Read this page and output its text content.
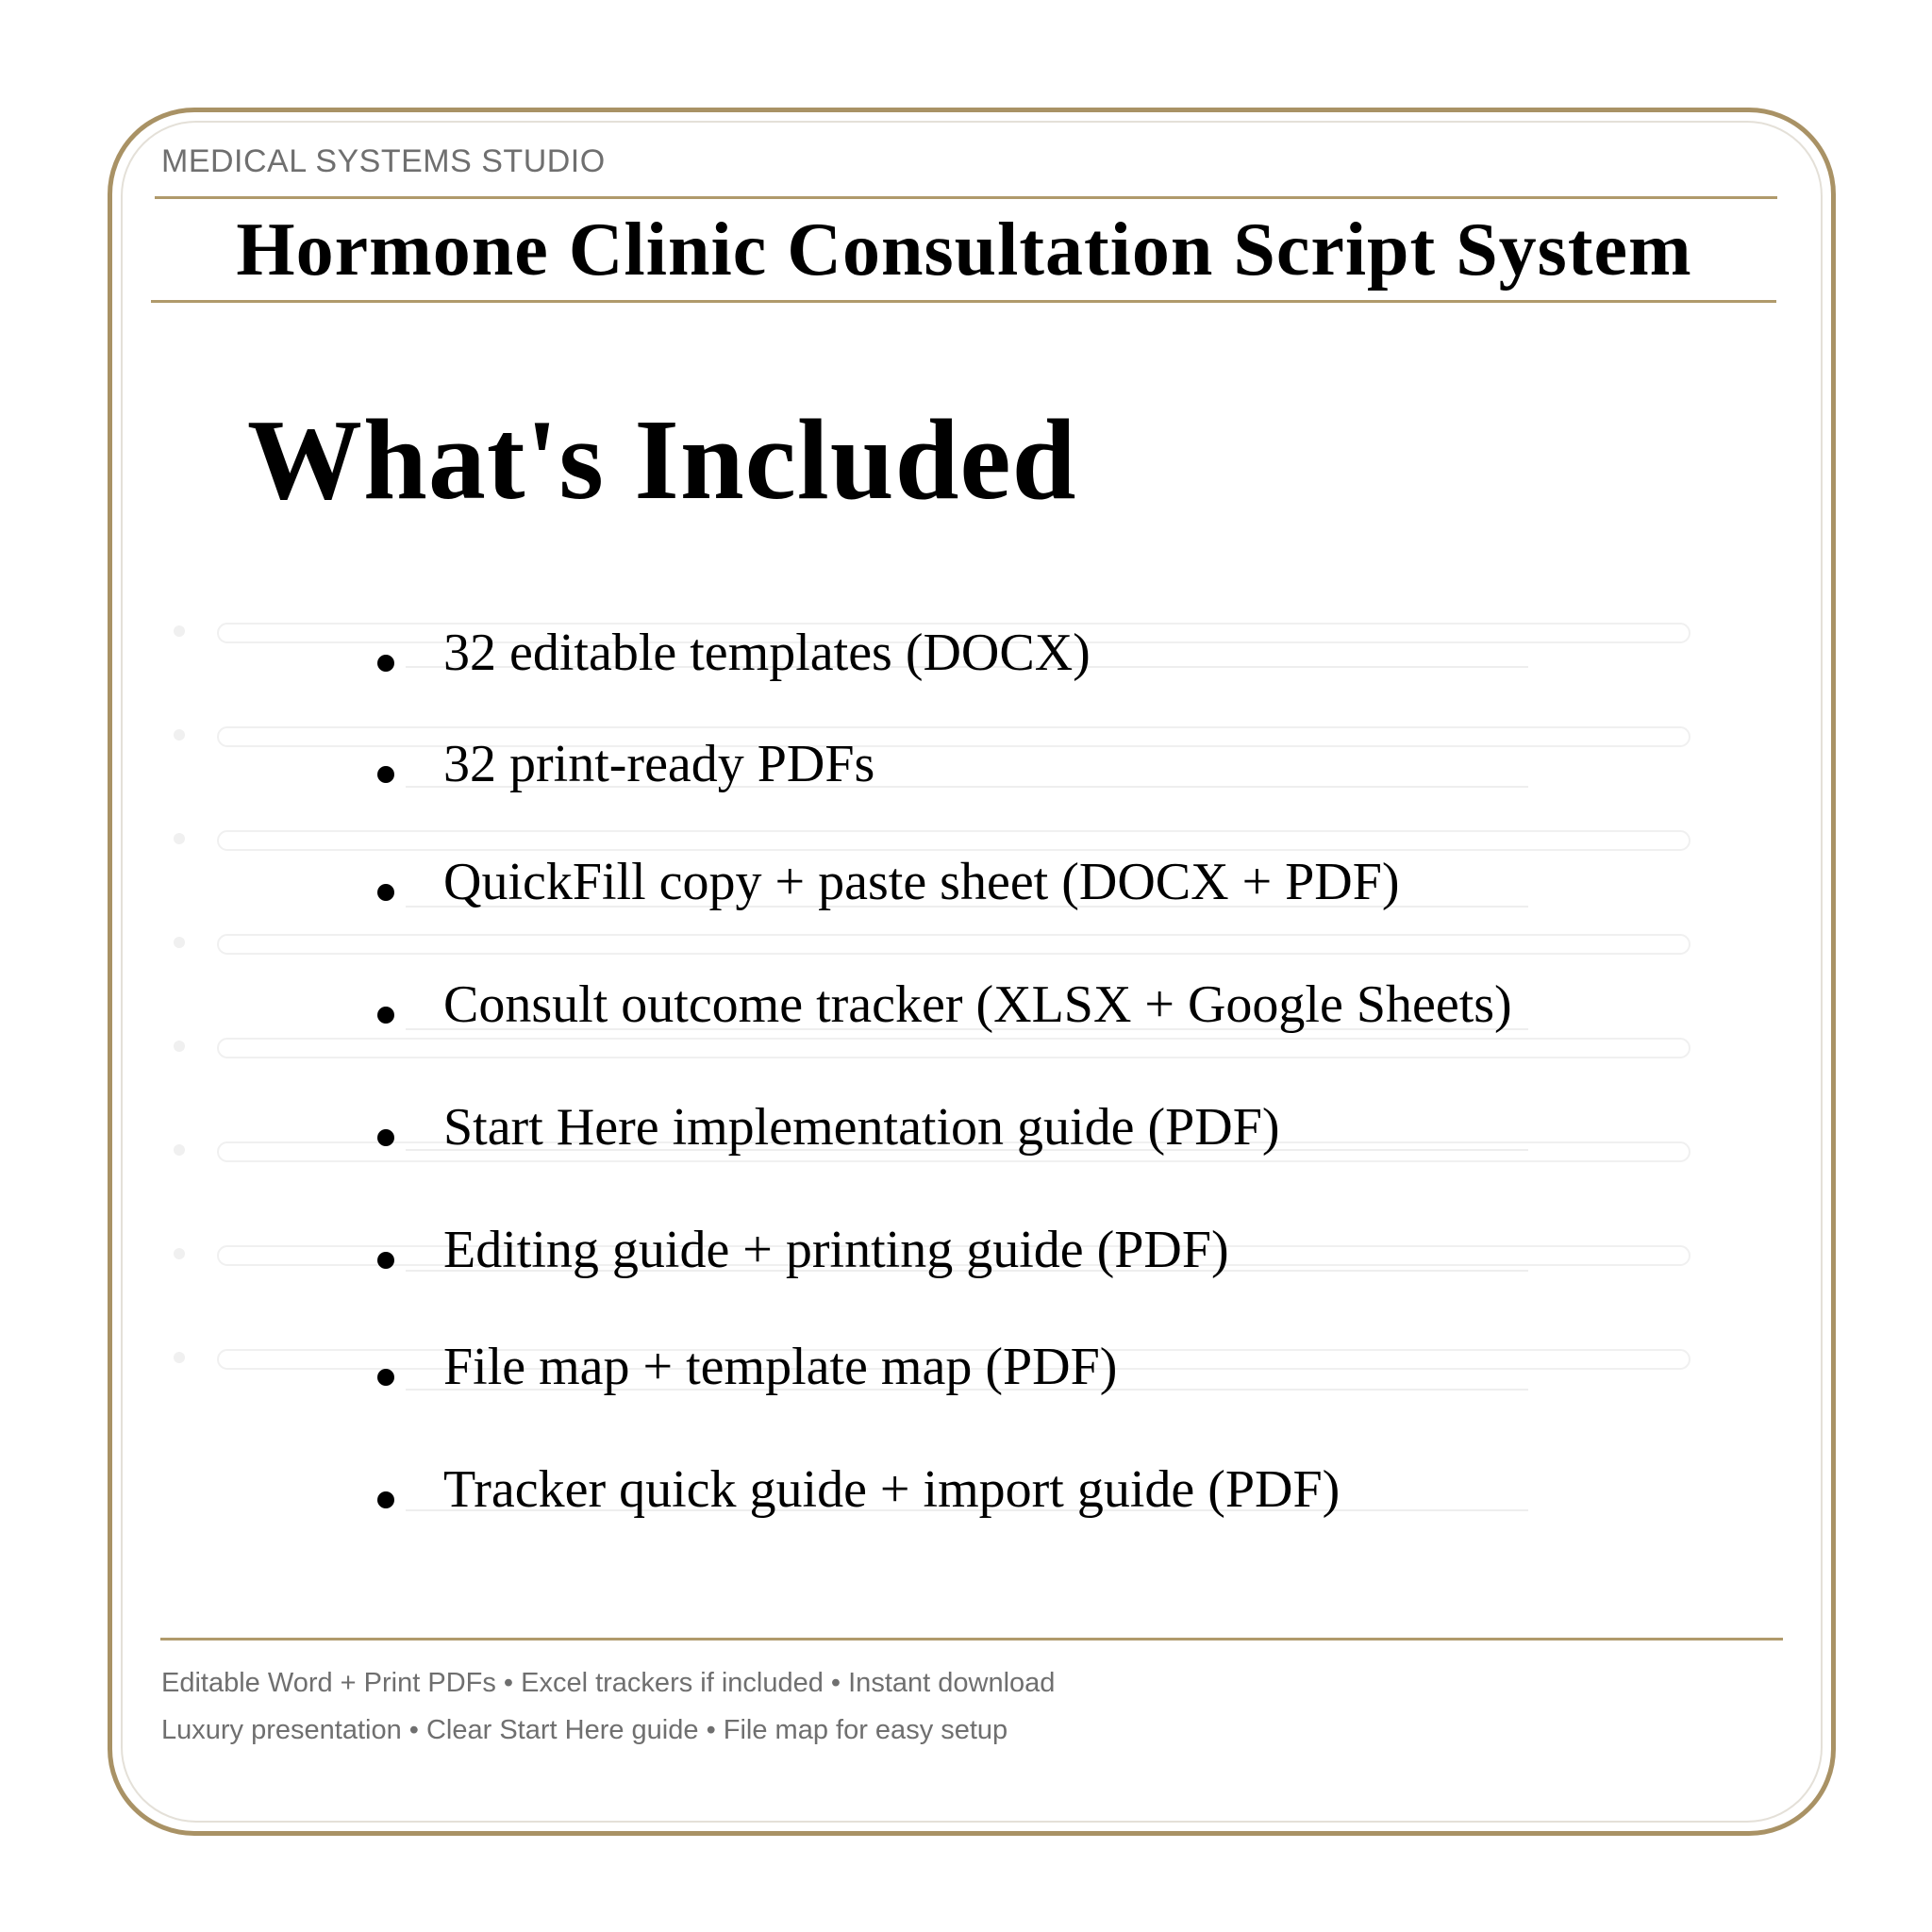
MEDICAL SYSTEMS STUDIO
Hormone Clinic Consultation Script System
What's Included
32 editable templates (DOCX)
32 print-ready PDFs
QuickFill copy + paste sheet (DOCX + PDF)
Consult outcome tracker (XLSX + Google Sheets)
Start Here implementation guide (PDF)
Editing guide + printing guide (PDF)
File map + template map (PDF)
Tracker quick guide + import guide (PDF)
Editable Word + Print PDFs • Excel trackers if included • Instant download
Luxury presentation • Clear Start Here guide • File map for easy setup
